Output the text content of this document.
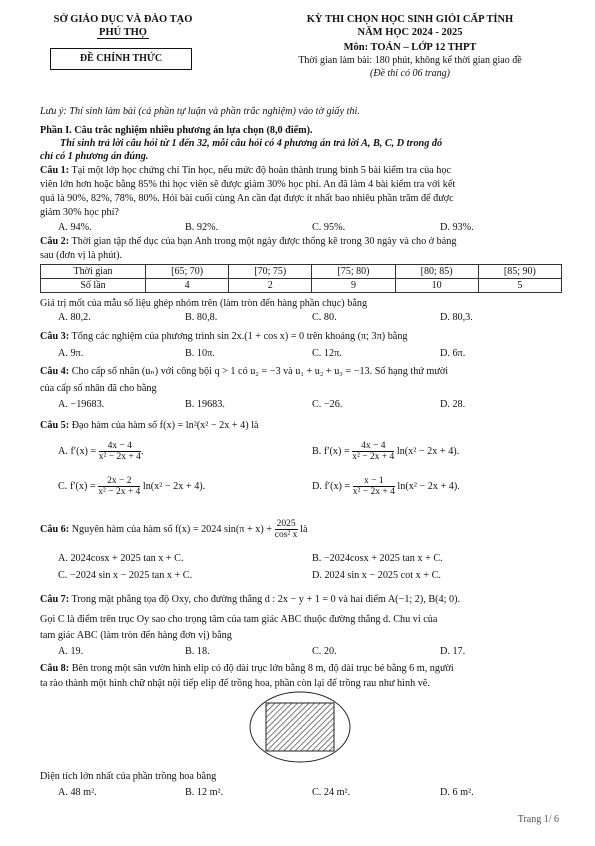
SỞ GIÁO DỤC VÀ ĐÀO TẠO
PHÚ THỌ
ĐỀ CHÍNH THỨC
KỲ THI CHỌN HỌC SINH GIỎI CẤP TỈNH
NĂM HỌC 2024 - 2025
Môn: TOÁN – LỚP 12 THPT
Thời gian làm bài: 180 phút, không kể thời gian giao đề
(Đề thi có 06 trang)
Lưu ý: Thí sinh làm bài (cả phần tự luận và phần trắc nghiệm) vào tờ giấy thi.
Phần I. Câu trắc nghiệm nhiều phương án lựa chọn (8,0 điểm).
Thí sinh trả lời câu hỏi từ 1 đến 32, mỗi câu hỏi có 4 phương án trả lời A, B, C, D trong đó
chỉ có 1 phương án đúng.
Câu 1: Tại một lớp học chứng chỉ Tin học, nếu mức độ hoàn thành trung bình 5 bài kiểm tra của học
viên lớn hơn hoặc bằng 85% thì học viên sẽ được giảm 30% học phí. An đã làm 4 bài kiểm tra với kết
quả là 90%, 82%, 78%, 80%. Hỏi bài cuối cùng An cần đạt được ít nhất bao nhiêu phần trăm để được
giảm 30% học phí?
A. 94%.	B. 92%.	C. 95%.	D. 93%.
Câu 2: Thời gian tập thể dục của bạn Anh trong một ngày được thống kê trong 30 ngày và cho ở bảng
sau (đơn vị là phút).
Thời gian	[65; 70)	[70; 75)	[75; 80)	[80; 85)	[85; 90)
Số lần	4	2	9	10	5
Giá trị mốt của mẫu số liệu ghép nhóm trên (làm tròn đến hàng phần chục) bằng
A. 80,2.	B. 80,8.	C. 80.	D. 80,3.
Câu 3: Tổng các nghiệm của phương trình sin 2x.(1 + cos x) = 0 trên khoảng (π; 3π) bằng
A. 9π.	B. 10π.	C. 12π.	D. 6π.
Câu 4: Cho cấp số nhân (uₙ) với công bội q > 1 có u₂ = −3 và u₁ + u₂ + u₃ = −13. Số hạng thứ mười
của cấp số nhân đã cho bằng
A. −19683.	B. 19683.	C. −26.	D. 28.
Câu 5: Đạo hàm của hàm số f(x) = ln²(x² − 2x + 4) là
A. $f'(x) = \frac{4x - 4}{\text{x² − 2x + 4}}$ .	B. $f'(x) = \frac{4x - 4}{\text{x² − 2x + 4}} \ln(x^2 - 2x + 4)$.
C. $f'(x) = \frac{2x - 2}{\text{x² − 2x + 4}} \ln(x^2 - 2x + 4)$.	D. $f'(x) = \frac{x - 1}{\text{x² − 2x + 4}} \ln(x^2 - 2x + 4)$.
Câu 6: Nguyên hàm của hàm số f(x) = 2024 $\sin(\pi + x) + \frac{2025}{\text{cos² x}}$ là
A. 2024cosx + 2025 tan x + C.	B. −2024cosx + 2025 tan x + C.
C. −2024 sin x − 2025 tan x + C.	D. 2024 sin x − 2025 cot x + C.
Câu 7: Trong mặt phẳng tọa độ Oxy, cho đường thẳng d : 2x − y + 1 = 0 và hai điểm A(−1; 2), B(4; 0).
Gọi C là điểm trên trục Oy sao cho trọng tâm của tam giác ABC thuộc đường thẳng d. Chu vi của
tam giác ABC (làm tròn đến hàng đơn vị) bằng
A. 19.	B. 18.	C. 20.	D. 17.
Câu 8: Bên trong một sân vườn hình elip có độ dài trục lớn bằng 8 m, độ dài trục bé bằng 6 m, người
ta rào thành một hình chữ nhật nội tiếp elip để trồng hoa, phần còn lại để trồng rau như hình vẽ.
Diện tích lớn nhất của phần trồng hoa bằng
A. 48 m².	B. 12 m².	C. 24 m².	D. 6 m².
Trang 1/ 6
